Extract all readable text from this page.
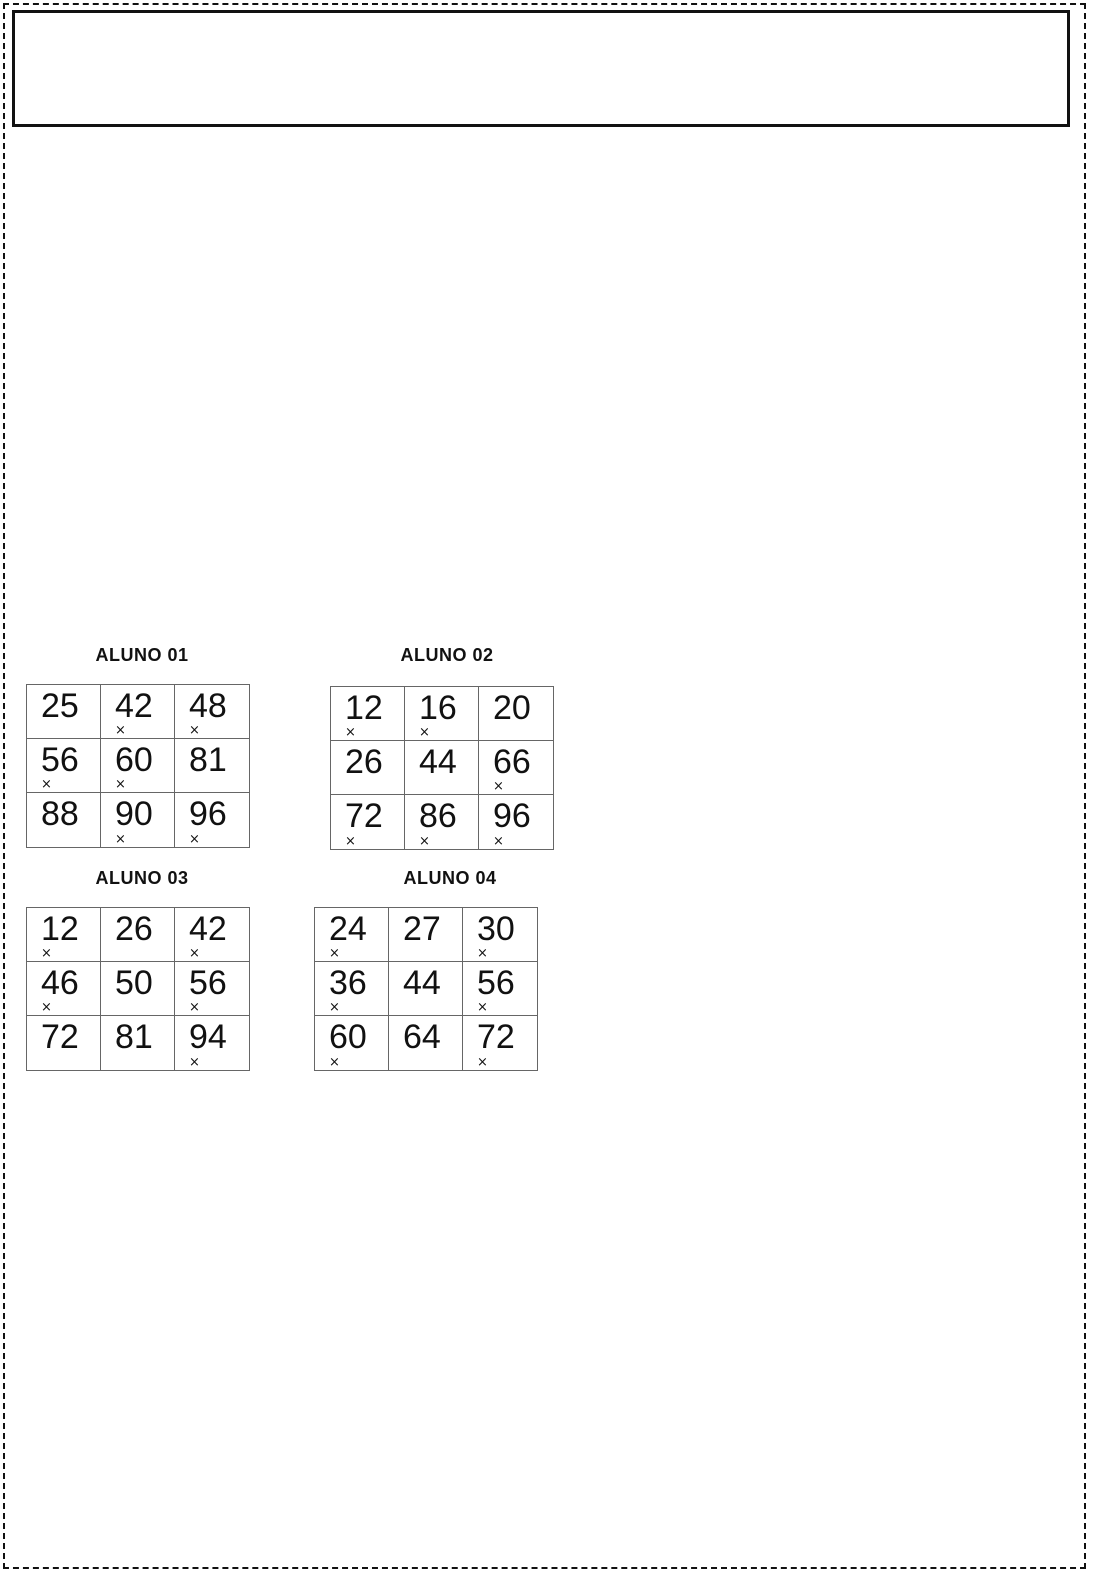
ALUNO 01
25 42
×
48
×
56
×
60
×
81
88 90
×
96
×
ALUNO 02
12
×
16
×
20
26 44 66
×
72
×
86
×
96
×
ALUNO 03
12
×
26 42
×
46
×
50 56
×
72 81 94
×
ALUNO 04
24
×
27 30
×
36
×
44 56
×
60
×
64 72
×
